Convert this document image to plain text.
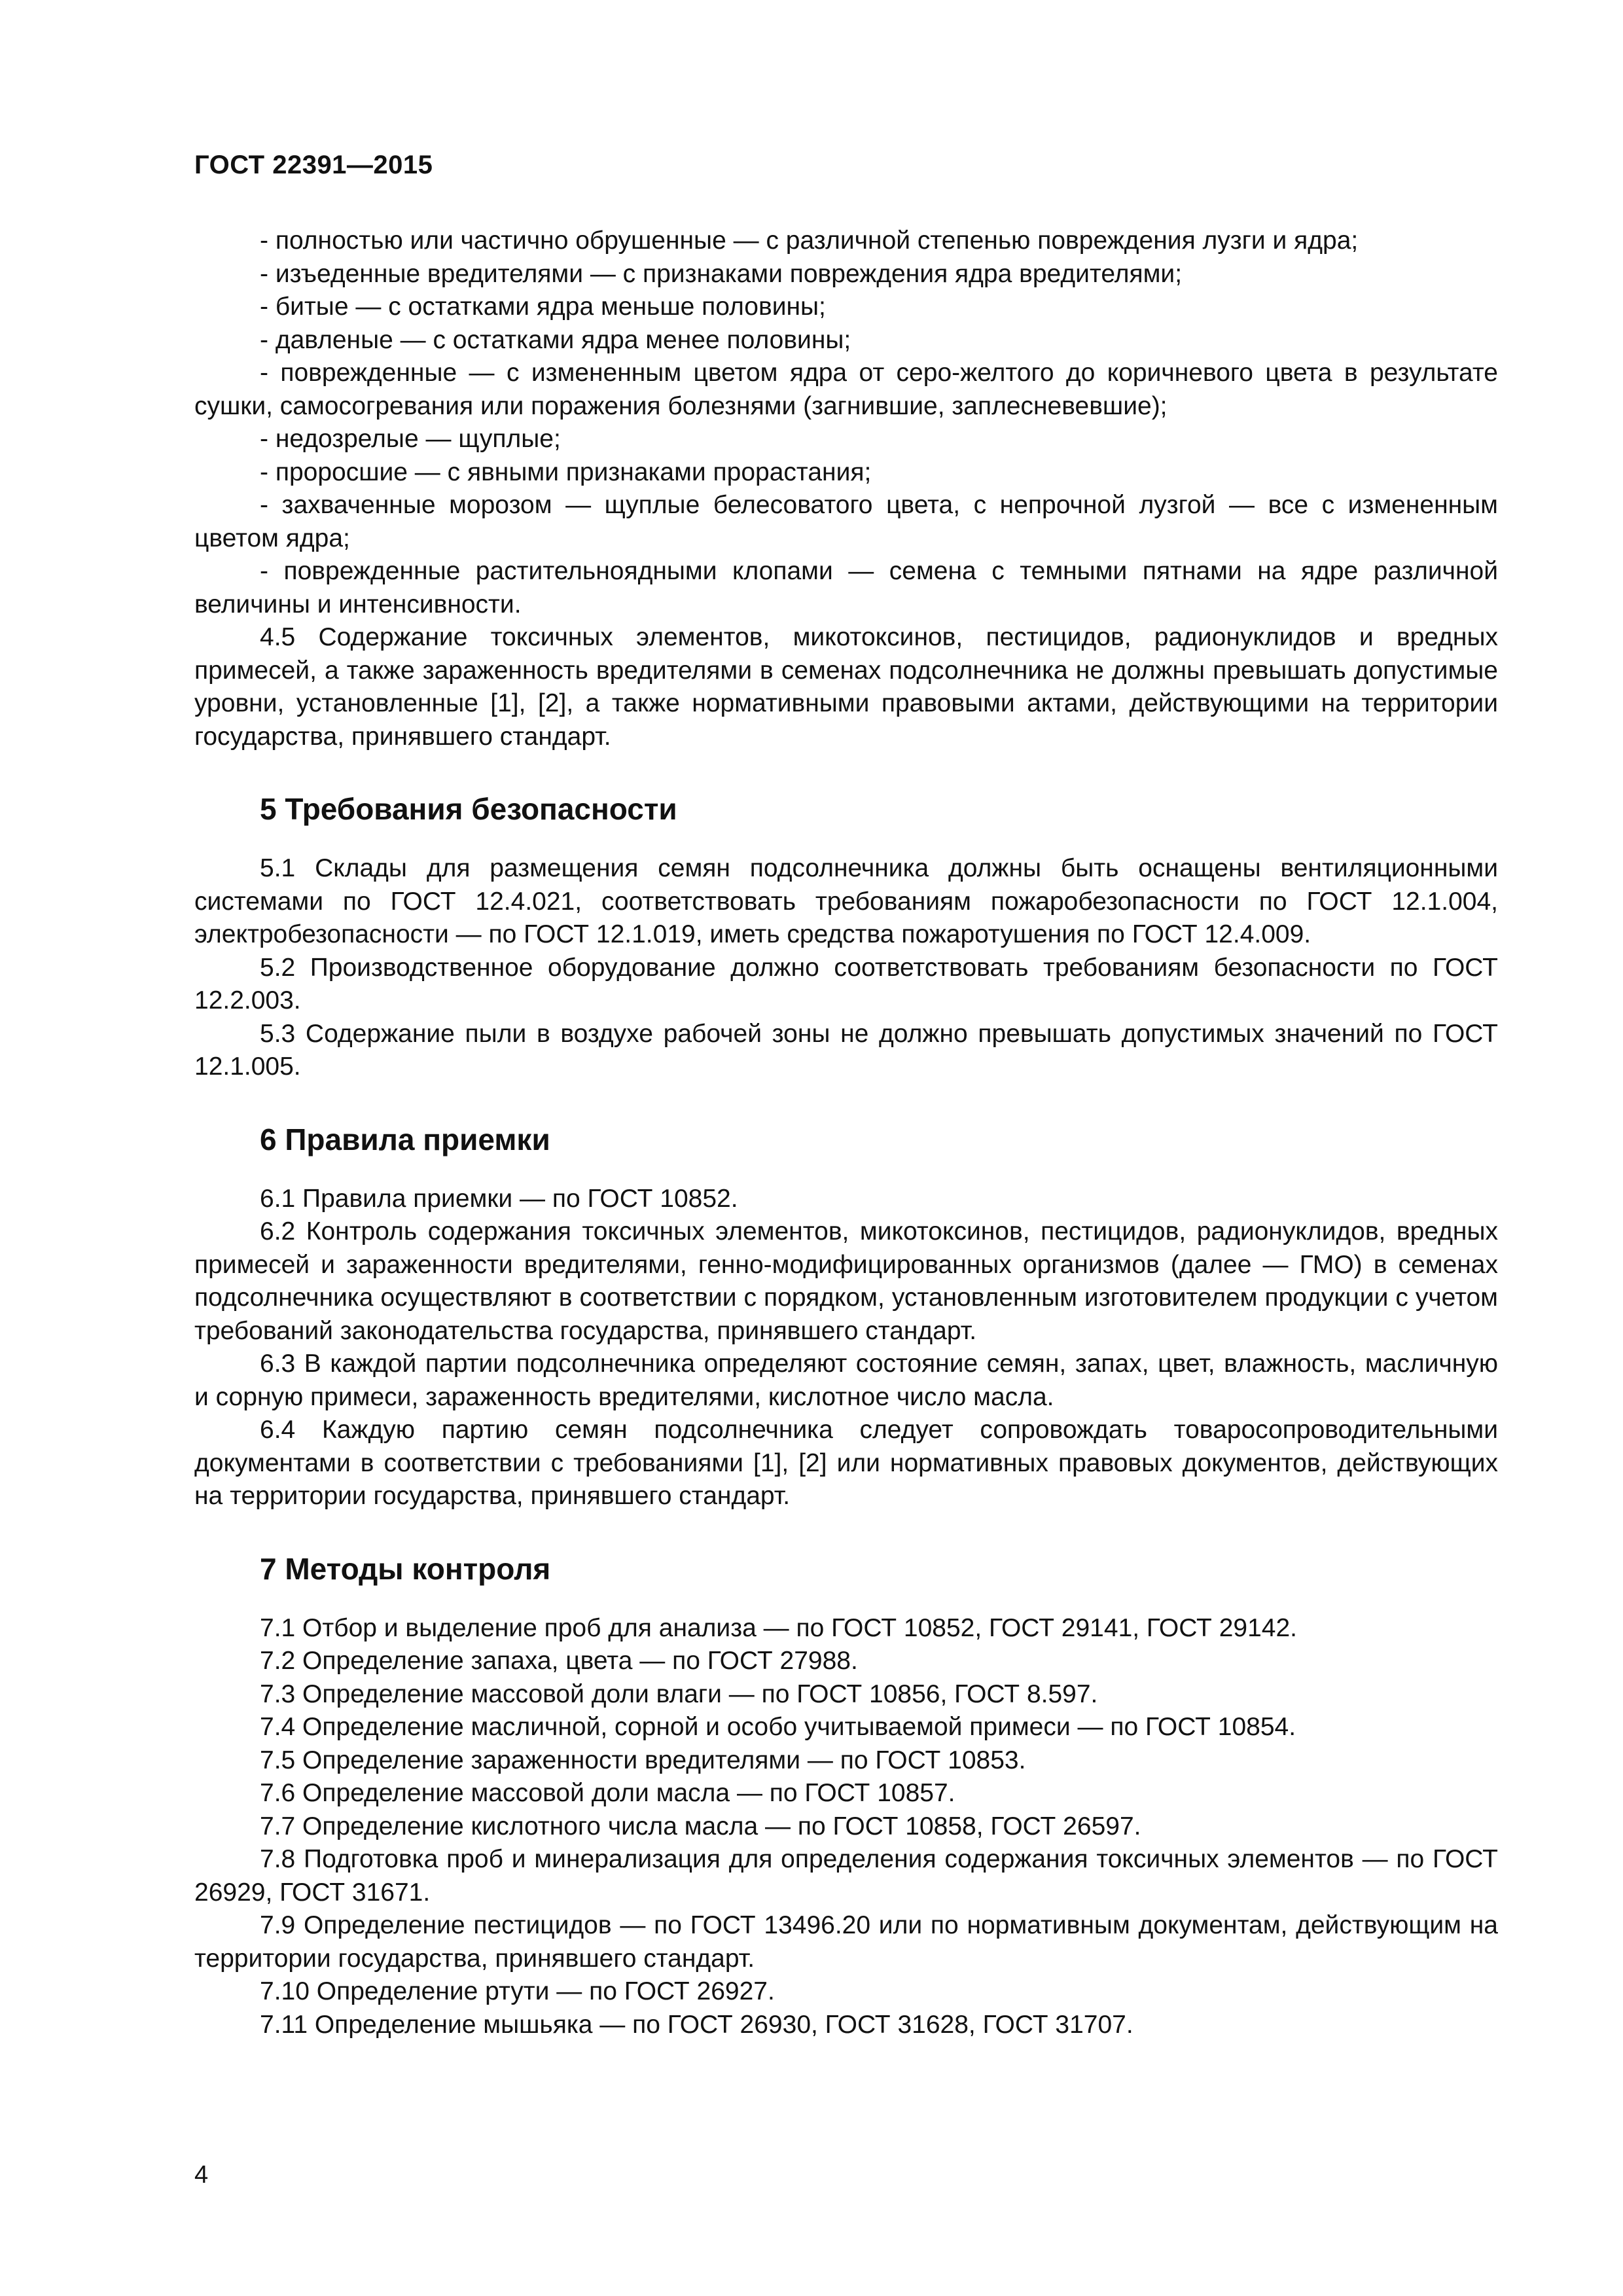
ГОСТ 22391—2015

- полностью или частично обрушенные — с различной степенью повреждения лузги и ядра;

- изъеденные вредителями — с признаками повреждения ядра вредителями;

- битые — с остатками ядра меньше половины;

- давленые — с остатками ядра менее половины;

- поврежденные — с измененным цветом ядра от серо-желтого до коричневого цвета в результате сушки, самосогревания или поражения болезнями (загнившие, заплесневевшие);

- недозрелые — щуплые;

- проросшие — с явными признаками прорастания;

- захваченные морозом — щуплые белесоватого цвета, с непрочной лузгой — все с измененным цветом ядра;

- поврежденные растительноядными клопами — семена с темными пятнами на ядре различной величины и интенсивности.

4.5 Содержание токсичных элементов, микотоксинов, пестицидов, радионуклидов и вредных примесей, а также зараженность вредителями в семенах подсолнечника не должны превышать допустимые уровни, установленные [1], [2], а также нормативными правовыми актами, действующими на территории государства, принявшего стандарт.

5 Требования безопасности

5.1 Склады для размещения семян подсолнечника должны быть оснащены вентиляционными системами по ГОСТ 12.4.021, соответствовать требованиям пожаробезопасности по ГОСТ 12.1.004, электробезопасности — по ГОСТ 12.1.019, иметь средства пожаротушения по ГОСТ 12.4.009.

5.2 Производственное оборудование должно соответствовать требованиям безопасности по ГОСТ 12.2.003.

5.3 Содержание пыли в воздухе рабочей зоны не должно превышать допустимых значений по ГОСТ 12.1.005.

6 Правила приемки

6.1 Правила приемки — по ГОСТ 10852.

6.2 Контроль содержания токсичных элементов, микотоксинов, пестицидов, радионуклидов, вредных примесей и зараженности вредителями, генно-модифицированных организмов (далее — ГМО) в семенах подсолнечника осуществляют в соответствии с порядком, установленным изготовителем продукции с учетом требований законодательства государства, принявшего стандарт.

6.3 В каждой партии подсолнечника определяют состояние семян, запах, цвет, влажность, масличную и сорную примеси, зараженность вредителями, кислотное число масла.

6.4 Каждую партию семян подсолнечника следует сопровождать товаросопроводительными документами в соответствии с требованиями [1], [2] или нормативных правовых документов, действующих на территории государства, принявшего стандарт.

7 Методы контроля

7.1 Отбор и выделение проб для анализа — по ГОСТ 10852, ГОСТ 29141, ГОСТ 29142.

7.2 Определение запаха, цвета — по ГОСТ 27988.

7.3 Определение массовой доли влаги — по ГОСТ 10856, ГОСТ 8.597.

7.4 Определение масличной, сорной и особо учитываемой примеси — по ГОСТ 10854.

7.5 Определение зараженности вредителями — по ГОСТ 10853.

7.6 Определение массовой доли масла — по ГОСТ 10857.

7.7 Определение кислотного числа масла — по ГОСТ 10858, ГОСТ 26597.

7.8 Подготовка проб и минерализация для определения содержания токсичных элементов — по ГОСТ 26929, ГОСТ 31671.

7.9 Определение пестицидов — по ГОСТ 13496.20 или по нормативным документам, действующим на территории государства, принявшего стандарт.

7.10 Определение ртути — по ГОСТ 26927.

7.11 Определение мышьяка — по ГОСТ 26930, ГОСТ 31628, ГОСТ 31707.

4
